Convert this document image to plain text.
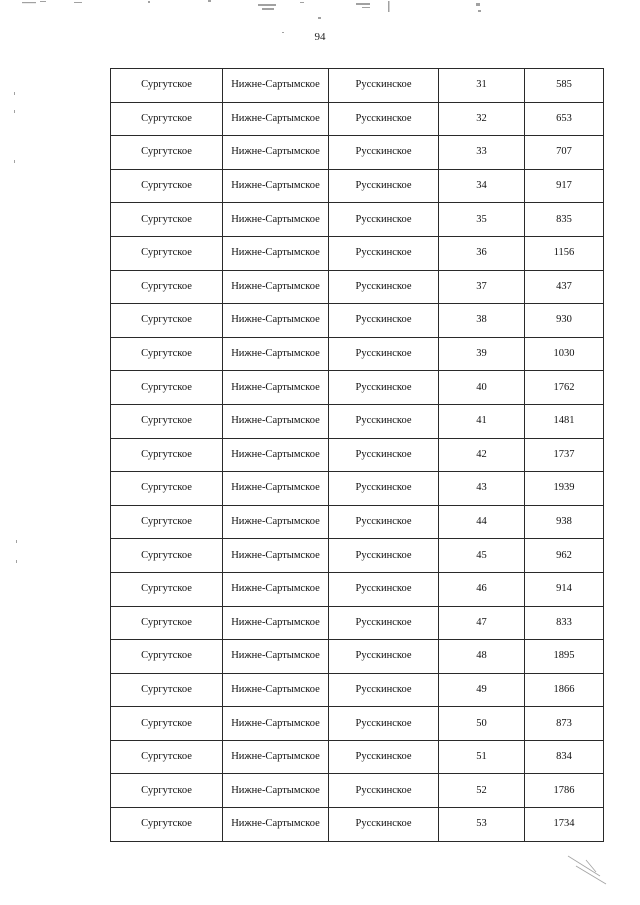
94
Сургутское	Нижне-Сартымское	Русскинское	31	585
Сургутское	Нижне-Сартымское	Русскинское	32	653
Сургутское	Нижне-Сартымское	Русскинское	33	707
Сургутское	Нижне-Сартымское	Русскинское	34	917
Сургутское	Нижне-Сартымское	Русскинское	35	835
Сургутское	Нижне-Сартымское	Русскинское	36	1156
Сургутское	Нижне-Сартымское	Русскинское	37	437
Сургутское	Нижне-Сартымское	Русскинское	38	930
Сургутское	Нижне-Сартымское	Русскинское	39	1030
Сургутское	Нижне-Сартымское	Русскинское	40	1762
Сургутское	Нижне-Сартымское	Русскинское	41	1481
Сургутское	Нижне-Сартымское	Русскинское	42	1737
Сургутское	Нижне-Сартымское	Русскинское	43	1939
Сургутское	Нижне-Сартымское	Русскинское	44	938
Сургутское	Нижне-Сартымское	Русскинское	45	962
Сургутское	Нижне-Сартымское	Русскинское	46	914
Сургутское	Нижне-Сартымское	Русскинское	47	833
Сургутское	Нижне-Сартымское	Русскинское	48	1895
Сургутское	Нижне-Сартымское	Русскинское	49	1866
Сургутское	Нижне-Сартымское	Русскинское	50	873
Сургутское	Нижне-Сартымское	Русскинское	51	834
Сургутское	Нижне-Сартымское	Русскинское	52	1786
Сургутское	Нижне-Сартымское	Русскинское	53	1734
